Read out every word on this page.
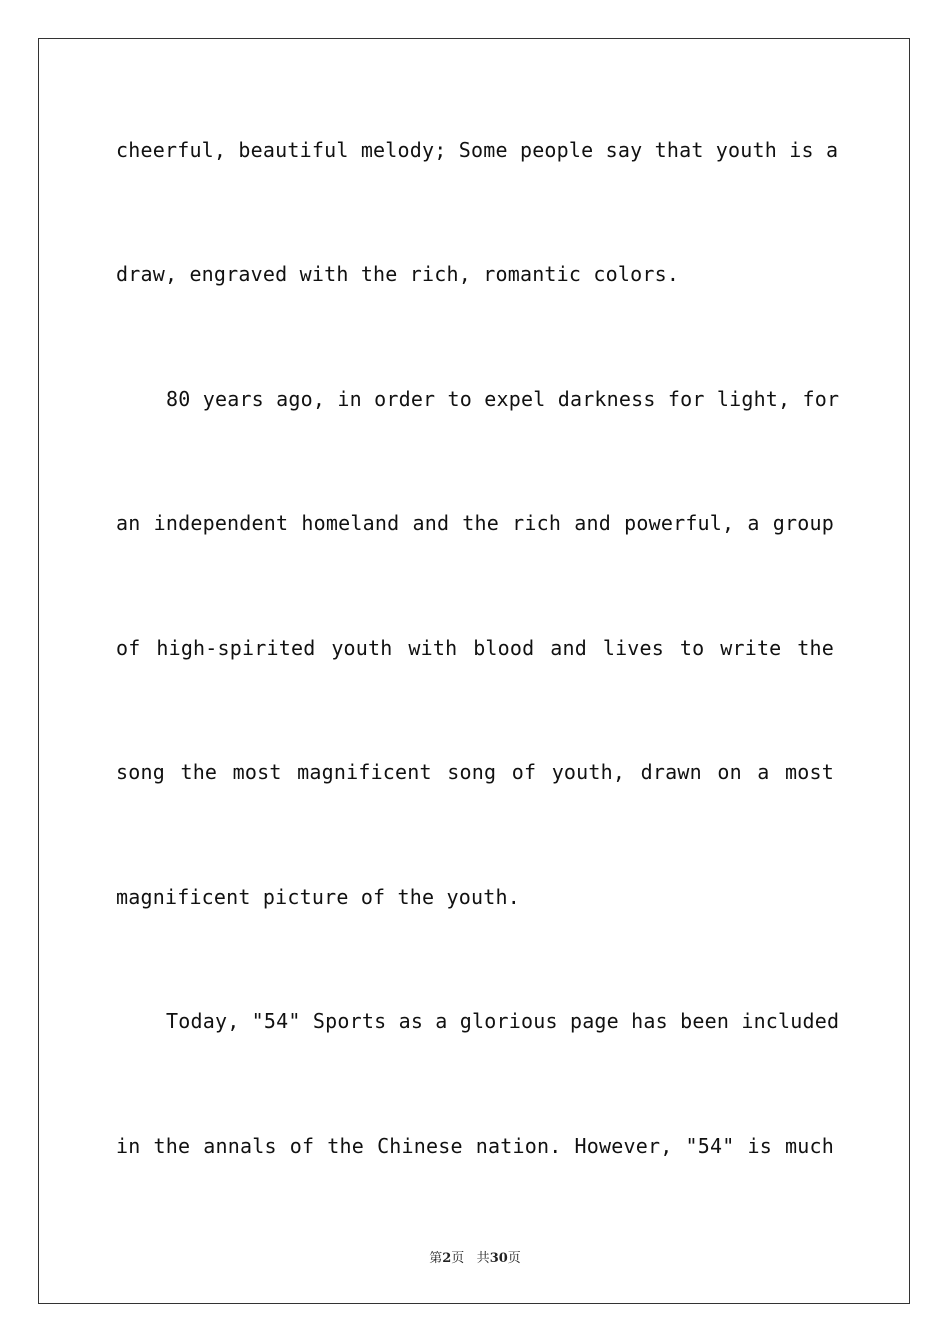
cheerful, beautiful melody; Some people say that youth is a
draw, engraved with the rich, romantic colors.
80 years ago, in order to expel darkness for light, for
an independent homeland and the rich and powerful, a group
of high-spirited youth with blood and lives to write the
song the most magnificent song of youth, drawn on a most
magnificent picture of the youth.
Today, "54" Sports as a glorious page has been included
in the annals of the Chinese nation. However, "54" is much
第2页 共30页
